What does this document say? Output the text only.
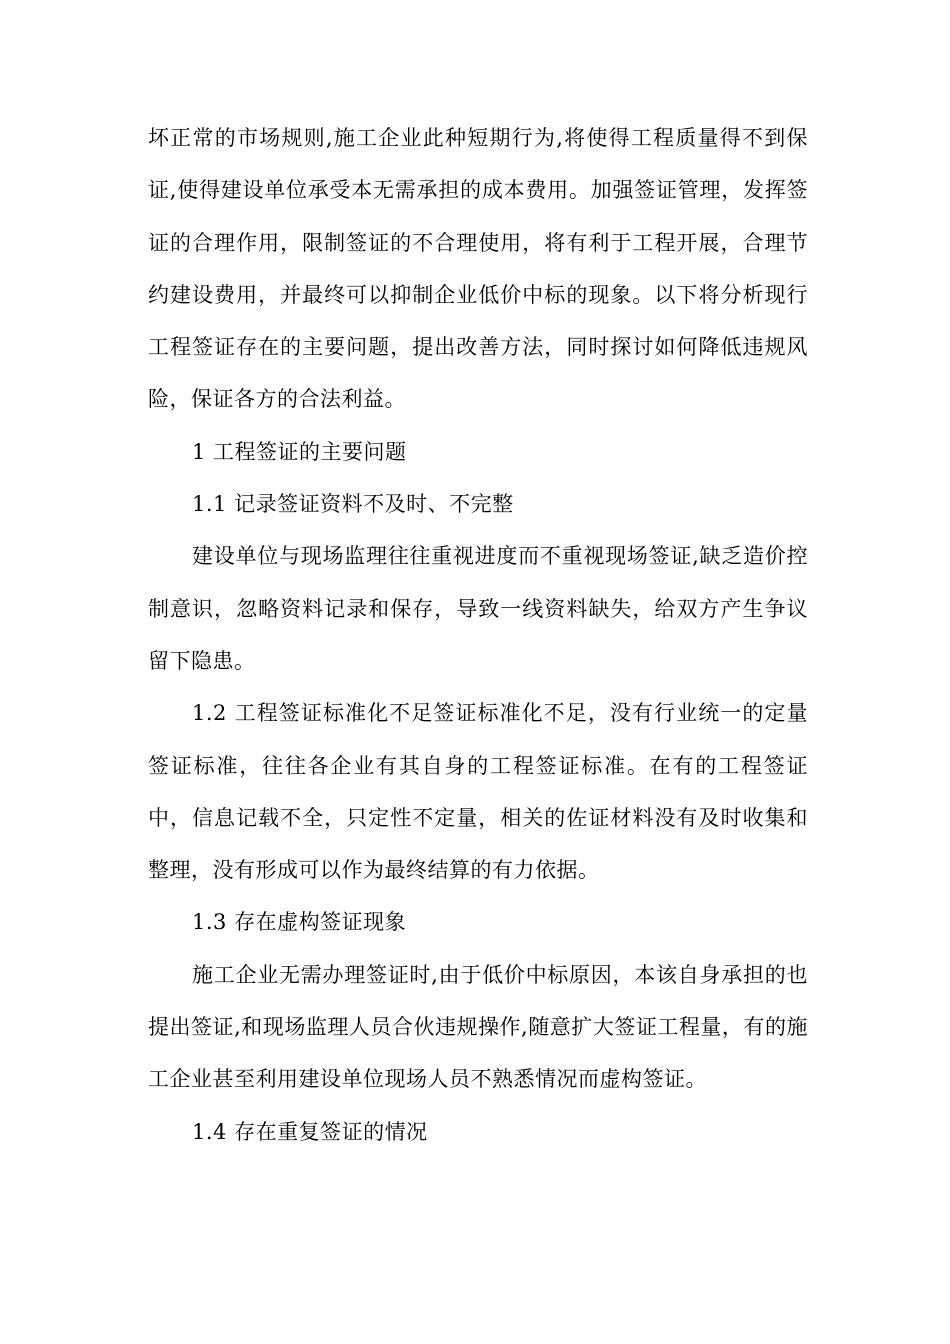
坏正常的市场规则,施工企业此种短期行为,将使得工程质量得不到保证,使得建设单位承受本无需承担的成本费用。加强签证管理，发挥签证的合理作用，限制签证的不合理使用，将有利于工程开展，合理节约建设费用，并最终可以抑制企业低价中标的现象。以下将分析现行工程签证存在的主要问题，提出改善方法，同时探讨如何降低违规风险，保证各方的合法利益。

1 工程签证的主要问题

1.1 记录签证资料不及时、不完整

建设单位与现场监理往往重视进度而不重视现场签证,缺乏造价控制意识，忽略资料记录和保存，导致一线资料缺失，给双方产生争议留下隐患。

1.2 工程签证标准化不足签证标准化不足，没有行业统一的定量签证标准，往往各企业有其自身的工程签证标准。在有的工程签证中，信息记载不全，只定性不定量，相关的佐证材料没有及时收集和整理，没有形成可以作为最终结算的有力依据。

1.3 存在虚构签证现象

施工企业无需办理签证时,由于低价中标原因，本该自身承担的也提出签证,和现场监理人员合伙违规操作,随意扩大签证工程量，有的施工企业甚至利用建设单位现场人员不熟悉情况而虚构签证。

1.4 存在重复签证的情况
